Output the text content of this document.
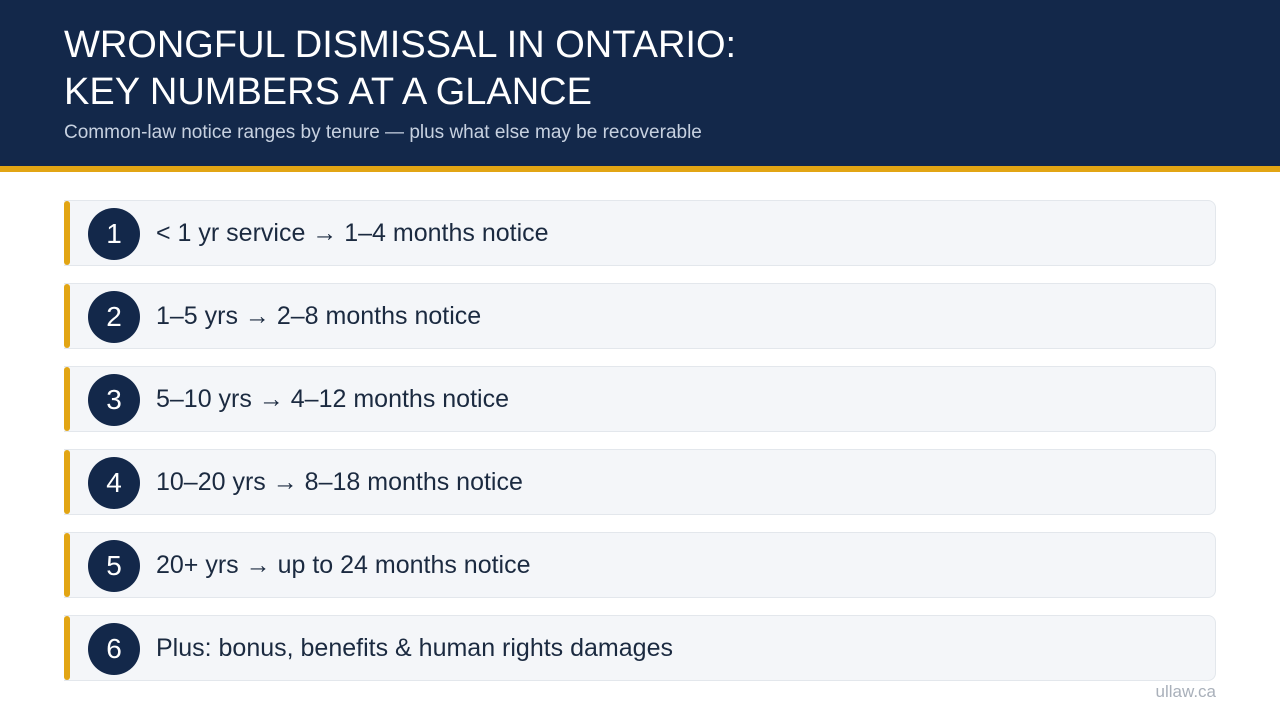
WRONGFUL DISMISSAL IN ONTARIO:
KEY NUMBERS AT A GLANCE
Common-law notice ranges by tenure — plus what else may be recoverable
1	< 1 yr service → 1–4 months notice
2	1–5 yrs → 2–8 months notice
3	5–10 yrs → 4–12 months notice
4	10–20 yrs → 8–18 months notice
5	20+ yrs → up to 24 months notice
6	Plus: bonus, benefits & human rights damages
ullaw.ca
